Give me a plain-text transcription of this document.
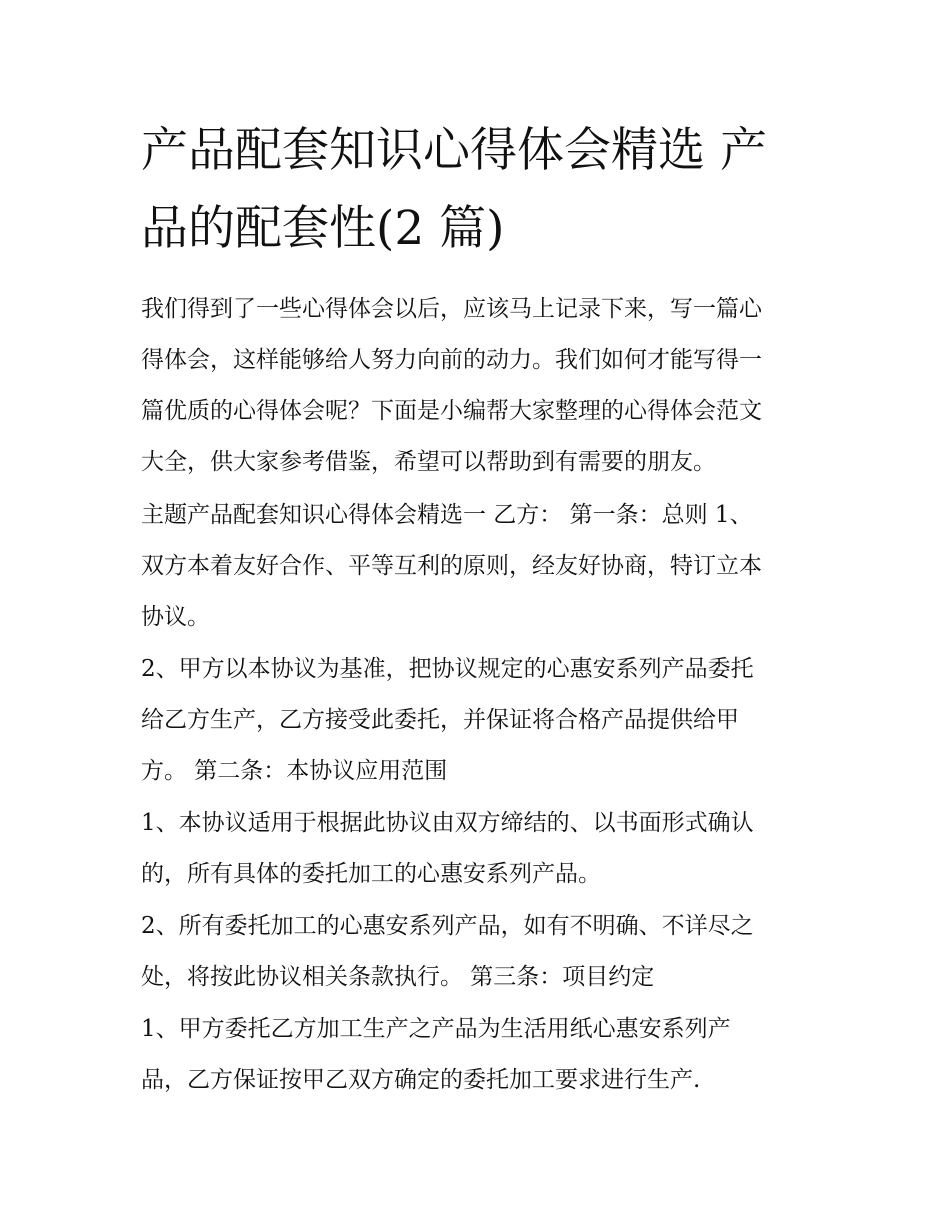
产品配套知识心得体会精选 产
品的配套性(2 篇)

我们得到了一些心得体会以后，应该马上记录下来，写一篇心
得体会，这样能够给人努力向前的动力。我们如何才能写得一
篇优质的心得体会呢？下面是小编帮大家整理的心得体会范文
大全，供大家参考借鉴，希望可以帮助到有需要的朋友。

主题产品配套知识心得体会精选一 乙方： 第一条：总则 1、
双方本着友好合作、平等互利的原则，经友好协商，特订立本
协议。

2、甲方以本协议为基准，把协议规定的心惠安系列产品委托
给乙方生产，乙方接受此委托，并保证将合格产品提供给甲
方。 第二条：本协议应用范围

1、本协议适用于根据此协议由双方缔结的、以书面形式确认
的，所有具体的委托加工的心惠安系列产品。

2、所有委托加工的心惠安系列产品，如有不明确、不详尽之
处，将按此协议相关条款执行。 第三条：项目约定

1、甲方委托乙方加工生产之产品为生活用纸心惠安系列产
品，乙方保证按甲乙双方确定的委托加工要求进行生产.
